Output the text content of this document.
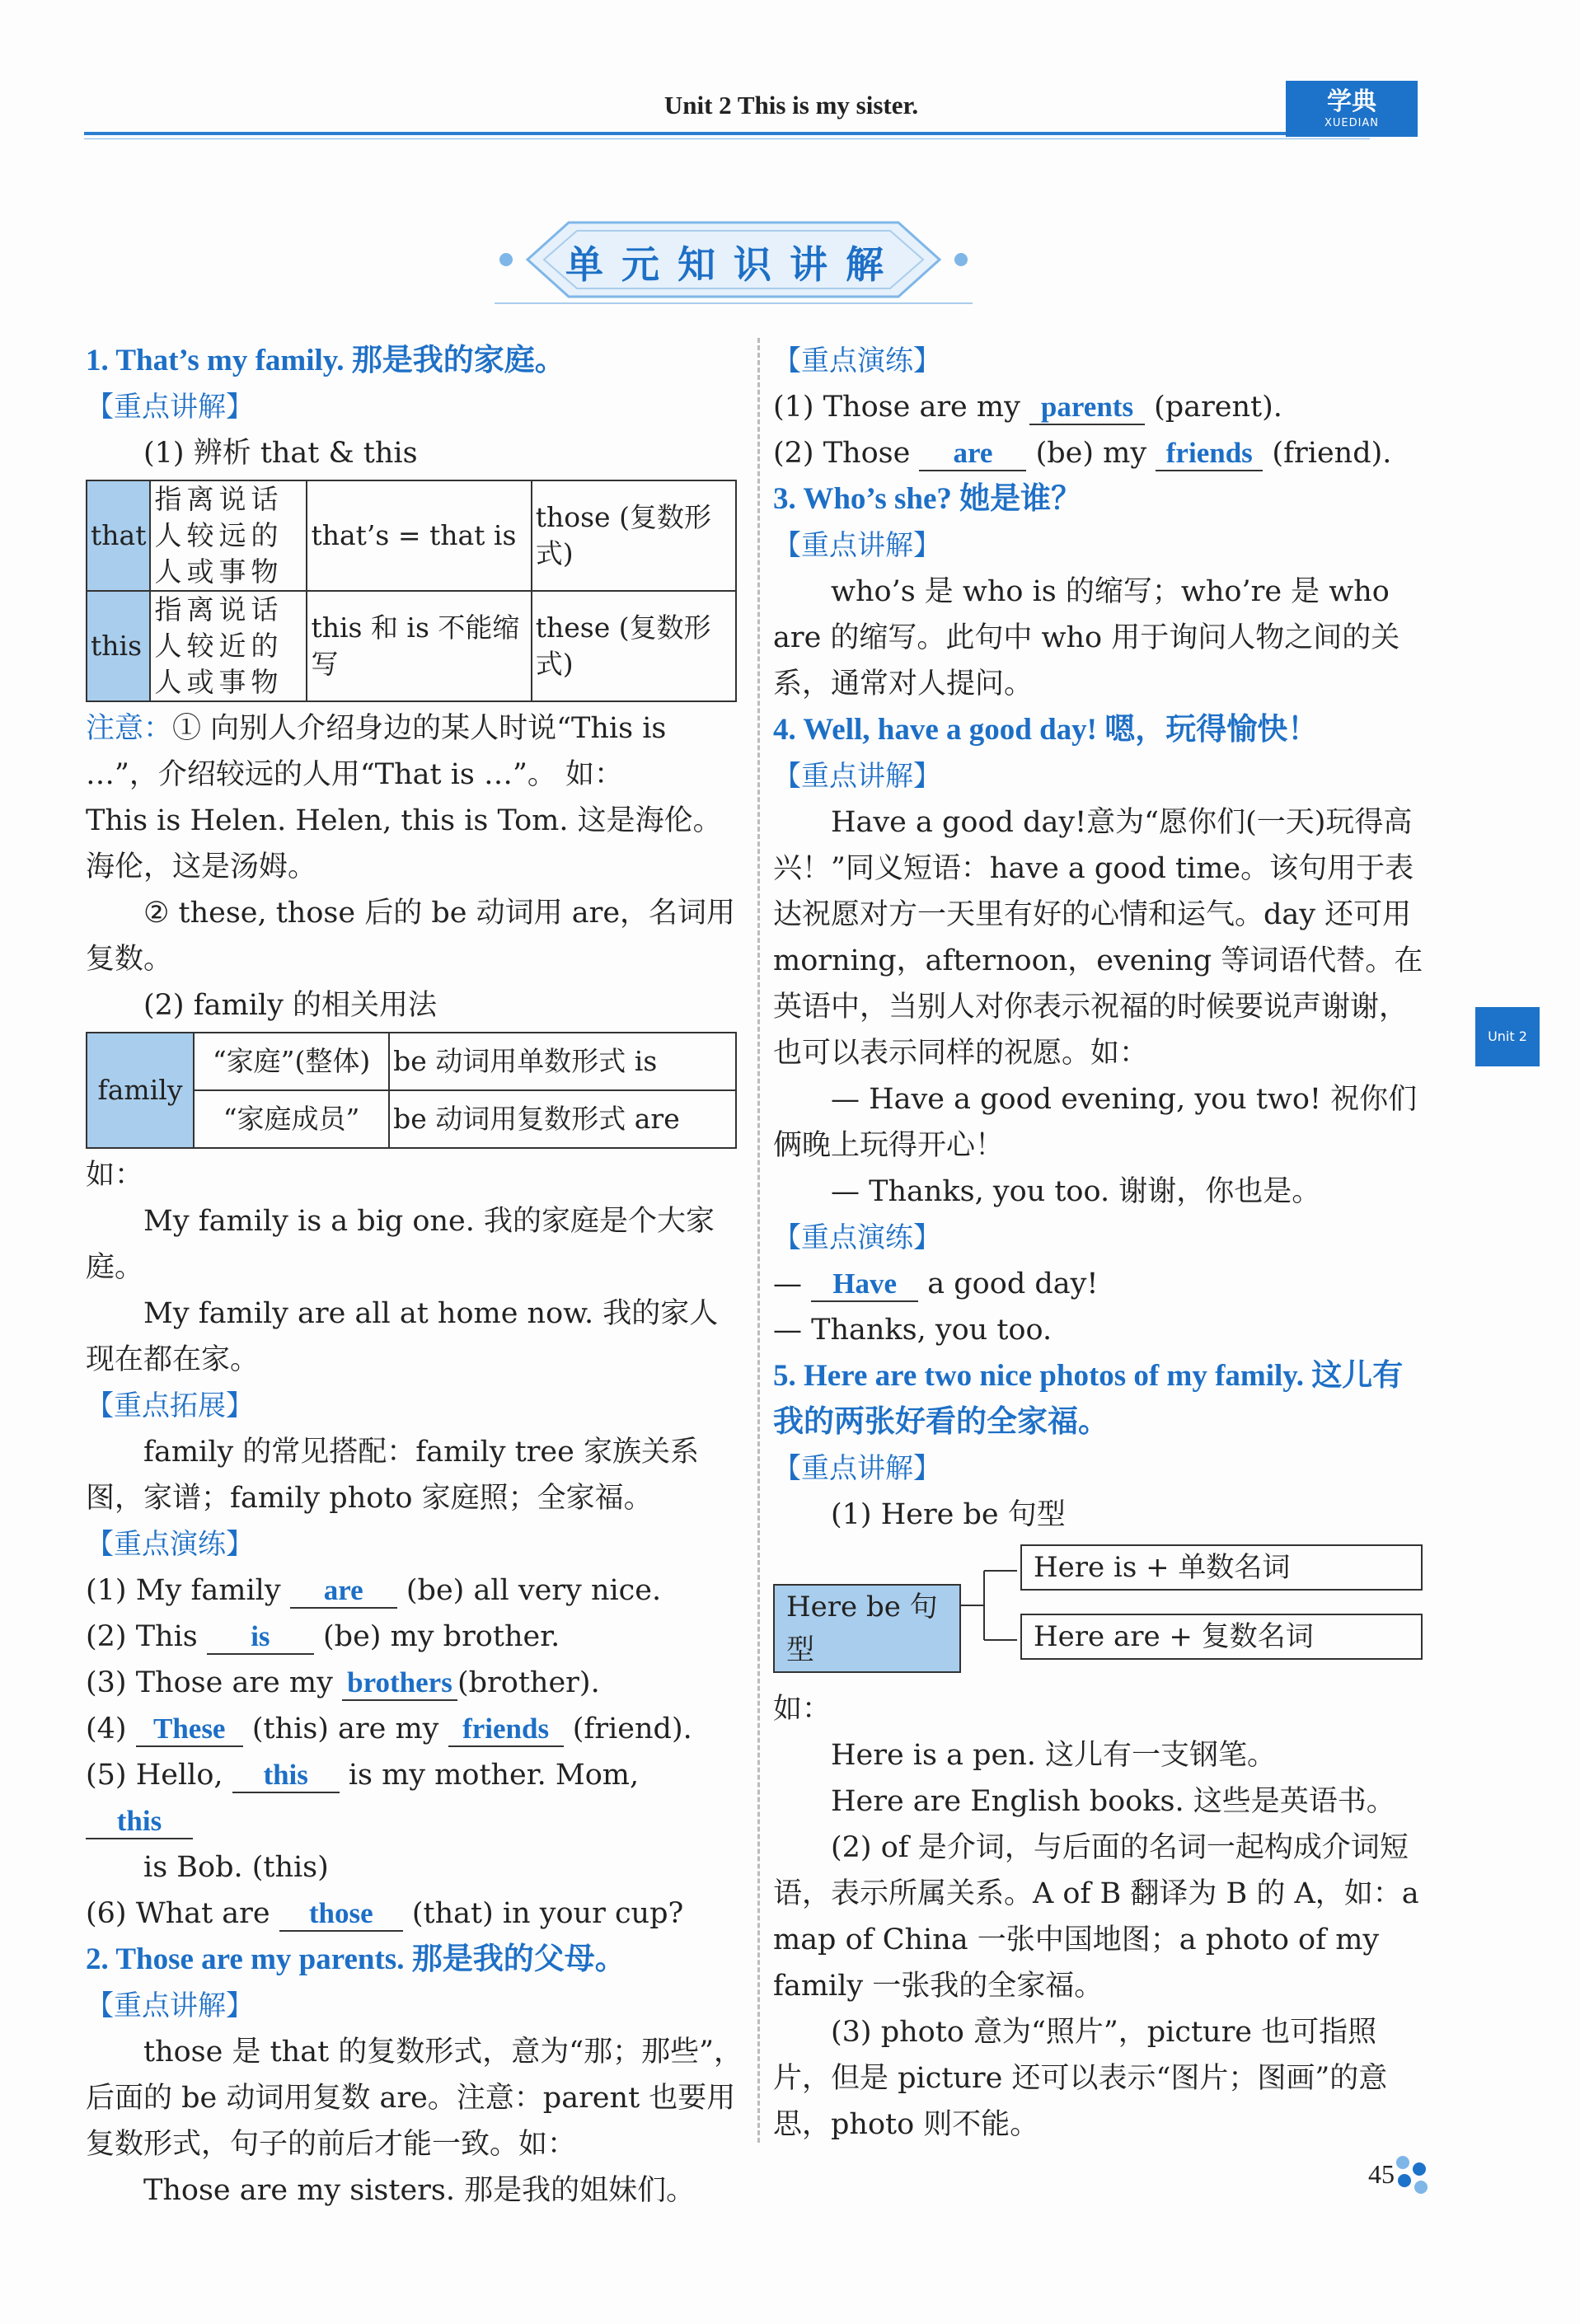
Unit 2 This is my sister.	学典
XUEDIAN
单元知识讲解

1. That’s my family. 那是我的家庭。

【重点讲解】

(1) 辨析 that & this

that	指离说话人较远的人或事物	that’s = that is	those (复数形式)
this	指离说话人较近的人或事物	this 和 is 不能缩写	these (复数形式)

注意：① 向别人介绍身边的某人时说“This is …”，介绍较远的人用“That is …”。 如：

This is Helen. Helen, this is Tom. 这是海伦。海伦，这是汤姆。

② these, those 后的 be 动词用 are，名词用复数。

(2) family 的相关用法

family	“家庭”(整体)	be 动词用单数形式 is
	“家庭成员”	be 动词用复数形式 are

如：

My family is a big one. 我的家庭是个大家庭。

My family are all at home now. 我的家人现在都在家。

【重点拓展】

family 的常见搭配：family tree 家族关系图，家谱；family photo 家庭照；全家福。

【重点演练】

(1) My family are (be) all very nice.

(2) This is (be) my brother.

(3) Those are my brothers (brother).

(4) These (this) are my friends (friend).

(5) Hello, this is my mother. Mom, this

is Bob. (this)

(6) What are those (that) in your cup?

2. Those are my parents. 那是我的父母。

【重点讲解】

those 是 that 的复数形式，意为“那；那些”，后面的 be 动词用复数 are。注意：parent 也要用复数形式，句子的前后才能一致。如：

Those are my sisters. 那是我的姐妹们。

【重点演练】

(1) Those are my parents (parent).

(2) Those are (be) my friends (friend).

3. Who’s she? 她是谁？

【重点讲解】

who’s 是 who is 的缩写；who’re 是 who are 的缩写。此句中 who 用于询问人物之间的关系，通常对人提问。

4. Well, have a good day! 嗯，玩得愉快！

【重点讲解】

Have a good day!意为“愿你们(一天)玩得高兴！”同义短语：have a good time。该句用于表达祝愿对方一天里有好的心情和运气。day 还可用 morning，afternoon，evening 等词语代替。在英语中，当别人对你表示祝福的时候要说声谢谢，也可以表示同样的祝愿。如：

— Have a good evening, you two! 祝你们俩晚上玩得开心！

— Thanks, you too. 谢谢，你也是。

【重点演练】

— Have a good day!

— Thanks, you too.

5. Here are two nice photos of my family. 这儿有我的两张好看的全家福。

【重点讲解】

(1) Here be 句型

Here be 句型
Here is + 单数名词
Here are + 复数名词

如：

Here is a pen. 这儿有一支钢笔。

Here are English books. 这些是英语书。

(2) of 是介词，与后面的名词一起构成介词短语，表示所属关系。A of B 翻译为 B 的 A，如：a map of China 一张中国地图；a photo of my family 一张我的全家福。

(3) photo 意为“照片”，picture 也可指照片，但是 picture 还可以表示“图片；图画”的意思，photo 则不能。

Unit 2
45
